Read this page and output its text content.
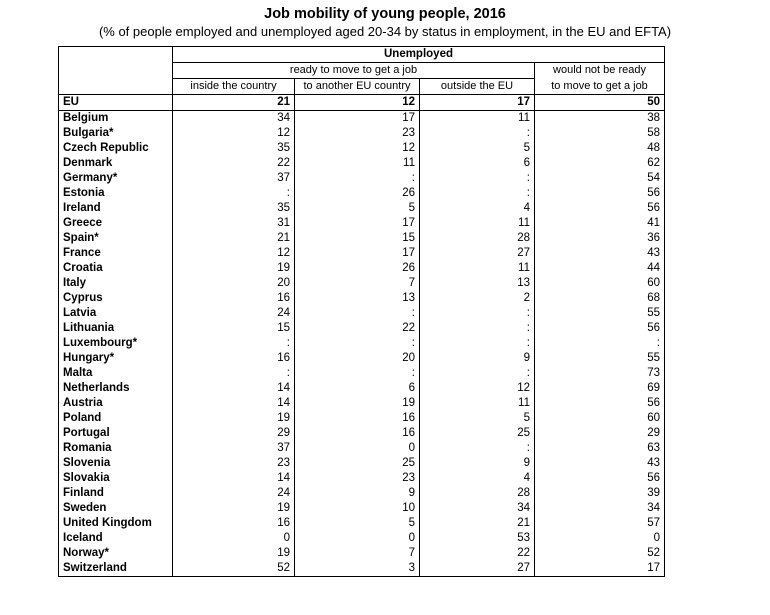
Job mobility of young people, 2016
(% of people employed and unemployed aged 20-34 by status in employment, in the EU and EFTA)
	Unemployed			
	ready to move to get a job			would not be ready
	inside the country	to another EU country	outside the EU	to move to get a job
EU	21	12	17	50
Belgium	34	17	11	38
Bulgaria*	12	23	:	58
Czech Republic	35	12	5	48
Denmark	22	11	6	62
Germany*	37	:	:	54
Estonia	:	26	:	56
Ireland	35	5	4	56
Greece	31	17	11	41
Spain*	21	15	28	36
France	12	17	27	43
Croatia	19	26	11	44
Italy	20	7	13	60
Cyprus	16	13	2	68
Latvia	24	:	:	55
Lithuania	15	22	:	56
Luxembourg*	:	:	:	:
Hungary*	16	20	9	55
Malta	:	:	:	73
Netherlands	14	6	12	69
Austria	14	19	11	56
Poland	19	16	5	60
Portugal	29	16	25	29
Romania	37	0	:	63
Slovenia	23	25	9	43
Slovakia	14	23	4	56
Finland	24	9	28	39
Sweden	19	10	34	34
United Kingdom	16	5	21	57
Iceland	0	0	53	0
Norway*	19	7	22	52
Switzerland	52	3	27	17
